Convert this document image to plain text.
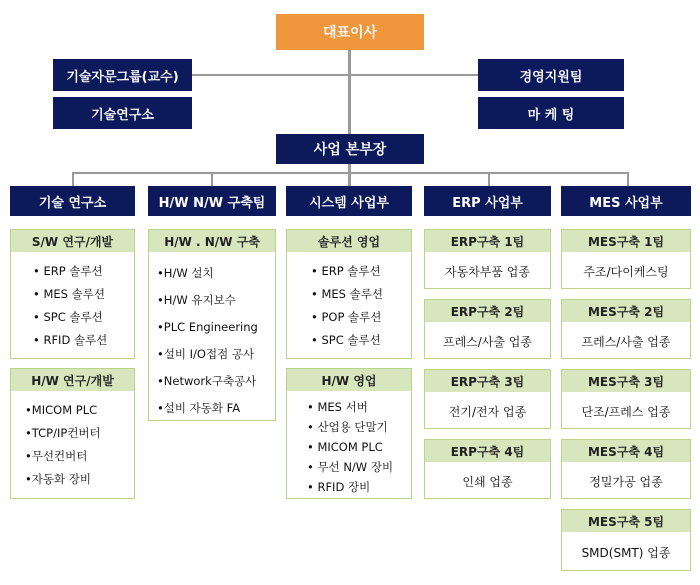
대표이사
기술자문그룹(교수)
기술연구소
경영지원팀
마 케 팅
사업 본부장
기술 연구소	H/W N/W 구축팀	시스템 사업부	ERP 사업부	MES 사업부
S/W 연구/개발
• ERP 솔루션
• MES 솔루션
• SPC 솔루션
• RFID 솔루션
H/W 연구/개발
•MICOM PLC
•TCP/IP컨버터
•무선컨버터
•자동화 장비
H/W . N/W 구축
•H/W 설치
•H/W 유지보수
•PLC Engineering
•설비 I/O접점 공사
•Network구축공사
•설비 자동화 FA
솔루션 영업
• ERP 솔루션
• MES 솔루션
• POP 솔루션
• SPC 솔루션
H/W 영업
• MES 서버
• 산업용 단말기
• MICOM PLC
• 무선 N/W 장비
• RFID 장비
ERP구축 1팀
자동차부품 업종
ERP구축 2팀
프레스/사출 업종
ERP구축 3팀
전기/전자 업종
ERP구축 4팀
인쇄 업종
MES구축 1팀
주조/다이케스팅
MES구축 2팀
프레스/사출 업종
MES구축 3팀
단조/프레스 업종
MES구축 4팀
정밀가공 업종
MES구축 5팀
SMD(SMT) 업종
